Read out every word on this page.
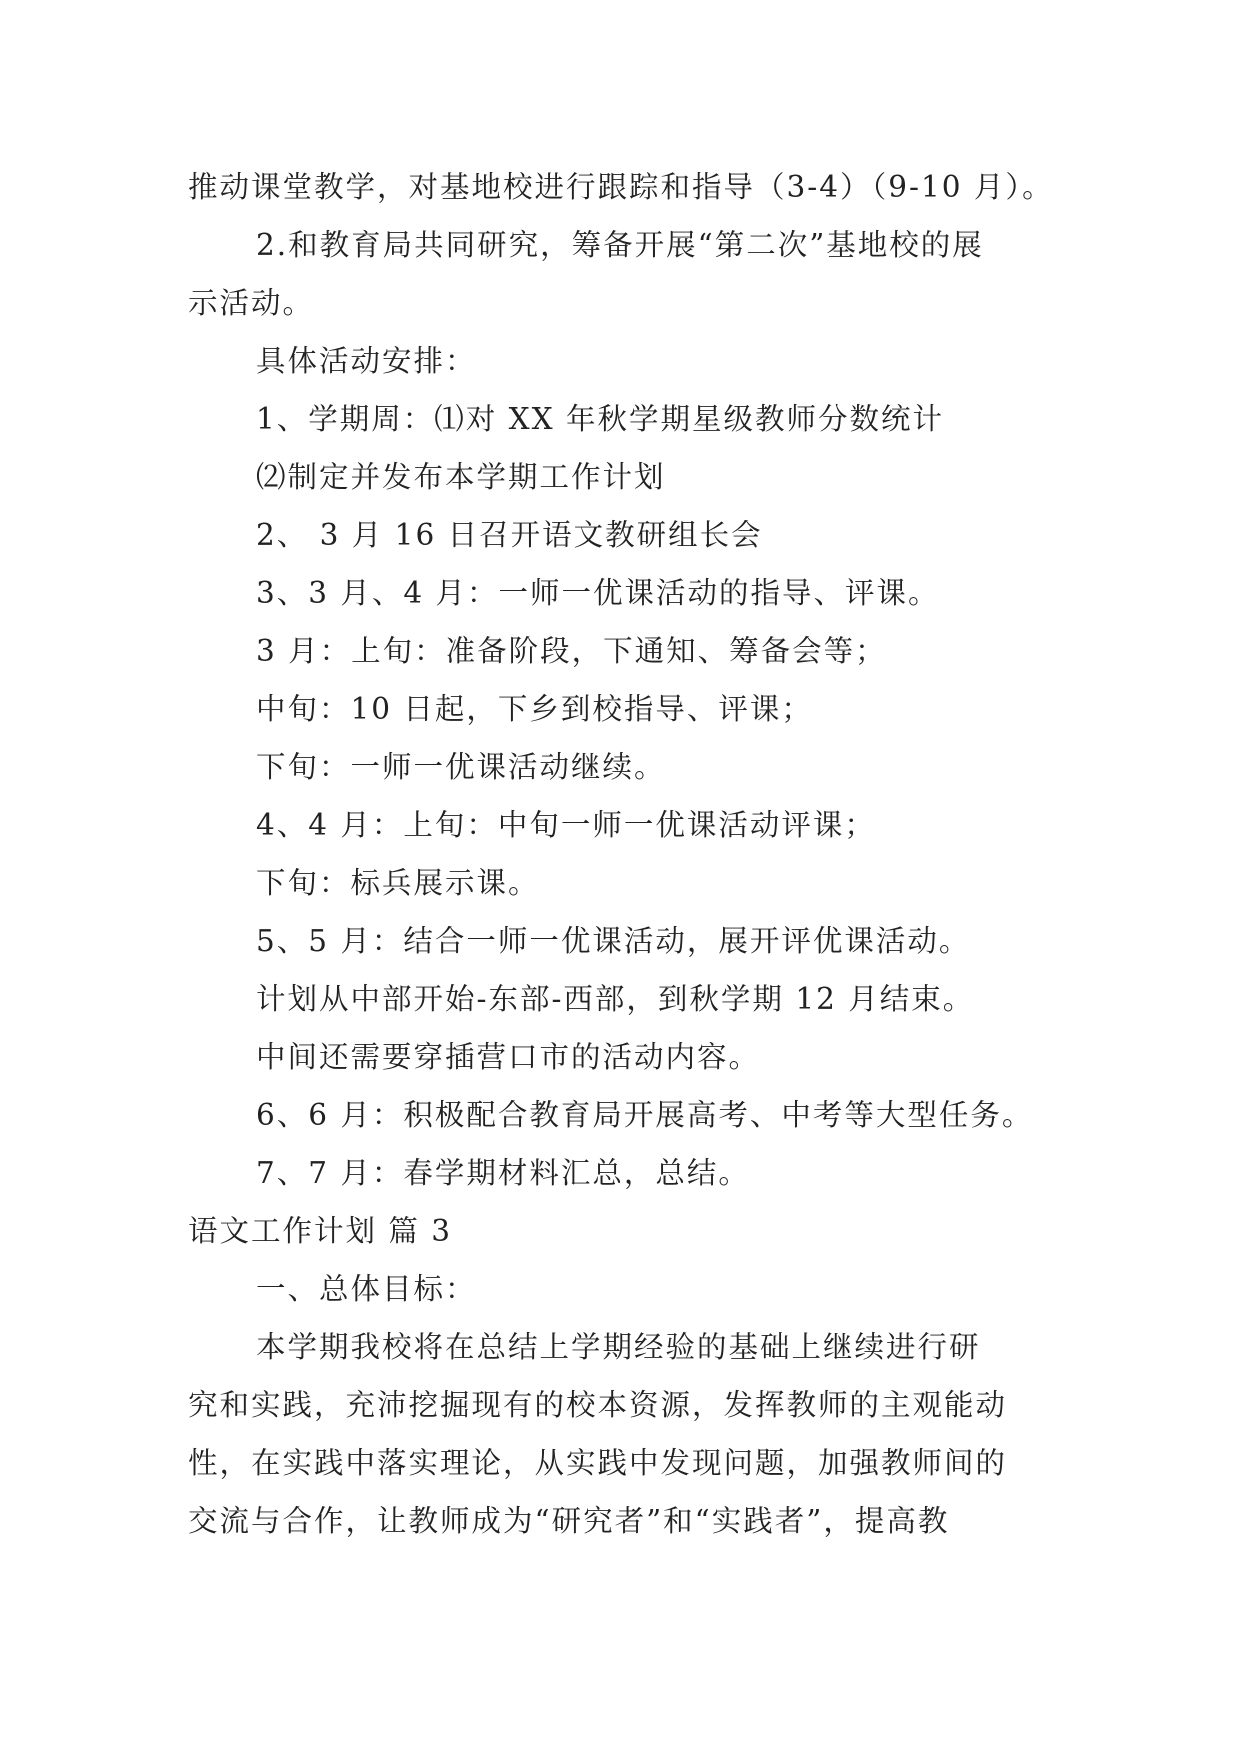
推动课堂教学，对基地校进行跟踪和指导（3-4）（9-10 月）。
2.和教育局共同研究，筹备开展“第二次”基地校的展
示活动。
具体活动安排：
1、学期周：⑴对 XX 年秋学期星级教师分数统计
⑵制定并发布本学期工作计划
2、 3 月 16 日召开语文教研组长会
3、3 月、4 月：一师一优课活动的指导、评课。
3 月：上旬：准备阶段，下通知、筹备会等；
中旬：10 日起，下乡到校指导、评课；
下旬：一师一优课活动继续。
4、4 月：上旬：中旬一师一优课活动评课；
下旬：标兵展示课。
5、5 月：结合一师一优课活动，展开评优课活动。
计划从中部开始-东部-西部，到秋学期 12 月结束。
中间还需要穿插营口市的活动内容。
6、6 月：积极配合教育局开展高考、中考等大型任务。
7、7 月：春学期材料汇总，总结。
语文工作计划 篇 3
一、总体目标：
本学期我校将在总结上学期经验的基础上继续进行研
究和实践，充沛挖掘现有的校本资源，发挥教师的主观能动
性，在实践中落实理论，从实践中发现问题，加强教师间的
交流与合作，让教师成为“研究者”和“实践者”，提高教
